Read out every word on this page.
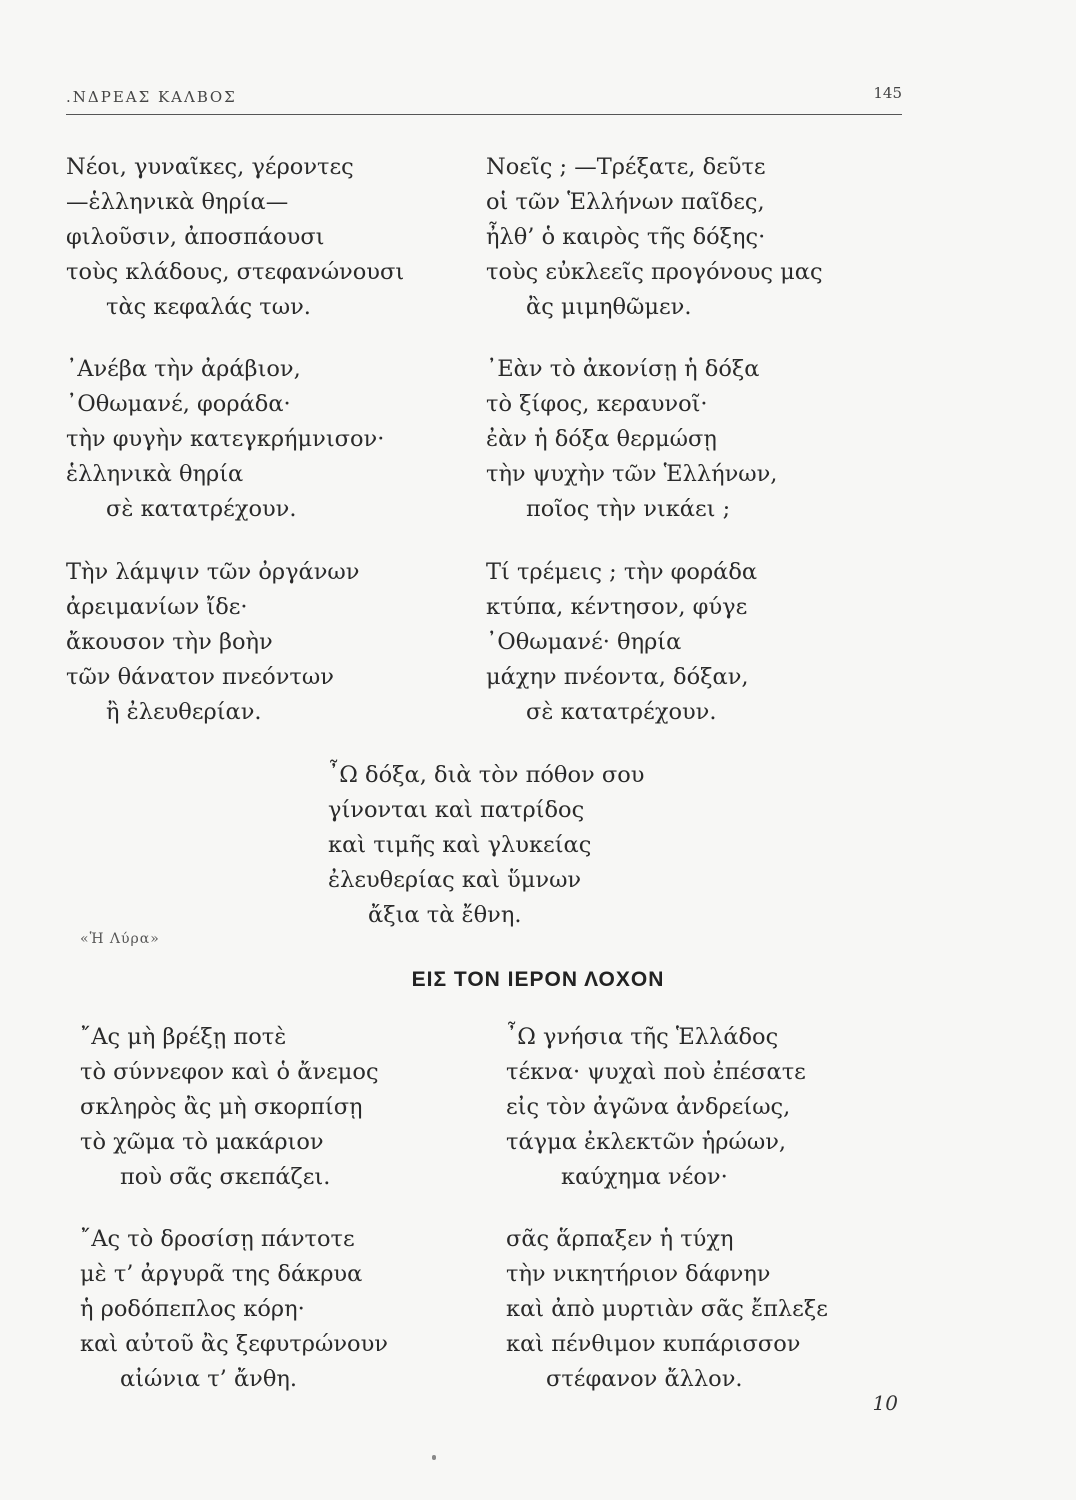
.ΝΔΡΕΑΣ ΚΑΛΒΟΣ	145
Νέοι, γυναῖκες, γέροντες
—ἑλληνικὰ θηρία—
φιλοῦσιν, ἀποσπάουσι
τοὺς κλάδους, στεφανώνουσι
τὰς κεφαλάς των.
Νοεῖς ; —Τρέξατε, δεῦτε
οἱ τῶν Ἑλλήνων παῖδες,
ἦλθ’ ὁ καιρὸς τῆς δόξης·
τοὺς εὐκλεεῖς προγόνους μας
ἂς μιμηθῶμεν.
᾿Ανέβα τὴν ἀράβιον,
᾿Οθωμανέ, φοράδα·
τὴν φυγὴν κατεγκρήμνισον·
ἑλληνικὰ θηρία
σὲ κατατρέχουν.
᾿Εὰν τὸ ἀκονίσῃ ἡ δόξα
τὸ ξίφος, κεραυνοῖ·
ἐὰν ἡ δόξα θερμώσῃ
τὴν ψυχὴν τῶν Ἑλλήνων,
ποῖος τὴν νικάει ;
Τὴν λάμψιν τῶν ὀργάνων
ἀρειμανίων ἴδε·
ἄκουσον τὴν βοὴν
τῶν θάνατον πνεόντων
ἢ ἐλευθερίαν.
Τί τρέμεις ; τὴν φοράδα
κτύπα, κέντησον, φύγε
᾿Οθωμανέ· θηρία
μάχην πνέοντα, δόξαν,
σὲ κατατρέχουν.
῏Ω δόξα, διὰ τὸν πόθον σου
γίνονται καὶ πατρίδος
καὶ τιμῆς καὶ γλυκείας
ἐλευθερίας καὶ ὕμνων
ἄξια τὰ ἔθνη.
«Ἡ Λύρα»
ΕΙΣ ΤΟΝ ΙΕΡΟΝ ΛΟΧΟΝ
῎Ας μὴ βρέξῃ ποτὲ
τὸ σύννεφον καὶ ὁ ἄνεμος
σκληρὸς ἂς μὴ σκορπίσῃ
τὸ χῶμα τὸ μακάριον
ποὺ σᾶς σκεπάζει.
῏Ω γνήσια τῆς Ἑλλάδος
τέκνα· ψυχαὶ ποὺ ἐπέσατε
εἰς τὸν ἀγῶνα ἀνδρείως,
τάγμα ἐκλεκτῶν ἡρώων,
καύχημα νέον·
῎Ας τὸ δροσίσῃ πάντοτε
μὲ τ’ ἀργυρᾶ της δάκρυα
ἡ ροδόπεπλος κόρη·
καὶ αὐτοῦ ἂς ξεφυτρώνουν
αἰώνια τ’ ἄνθη.
σᾶς ἅρπαξεν ἡ τύχη
τὴν νικητήριον δάφνην
καὶ ἀπὸ μυρτιὰν σᾶς ἔπλεξε
καὶ πένθιμον κυπάρισσον
στέφανον ἄλλον.
10
